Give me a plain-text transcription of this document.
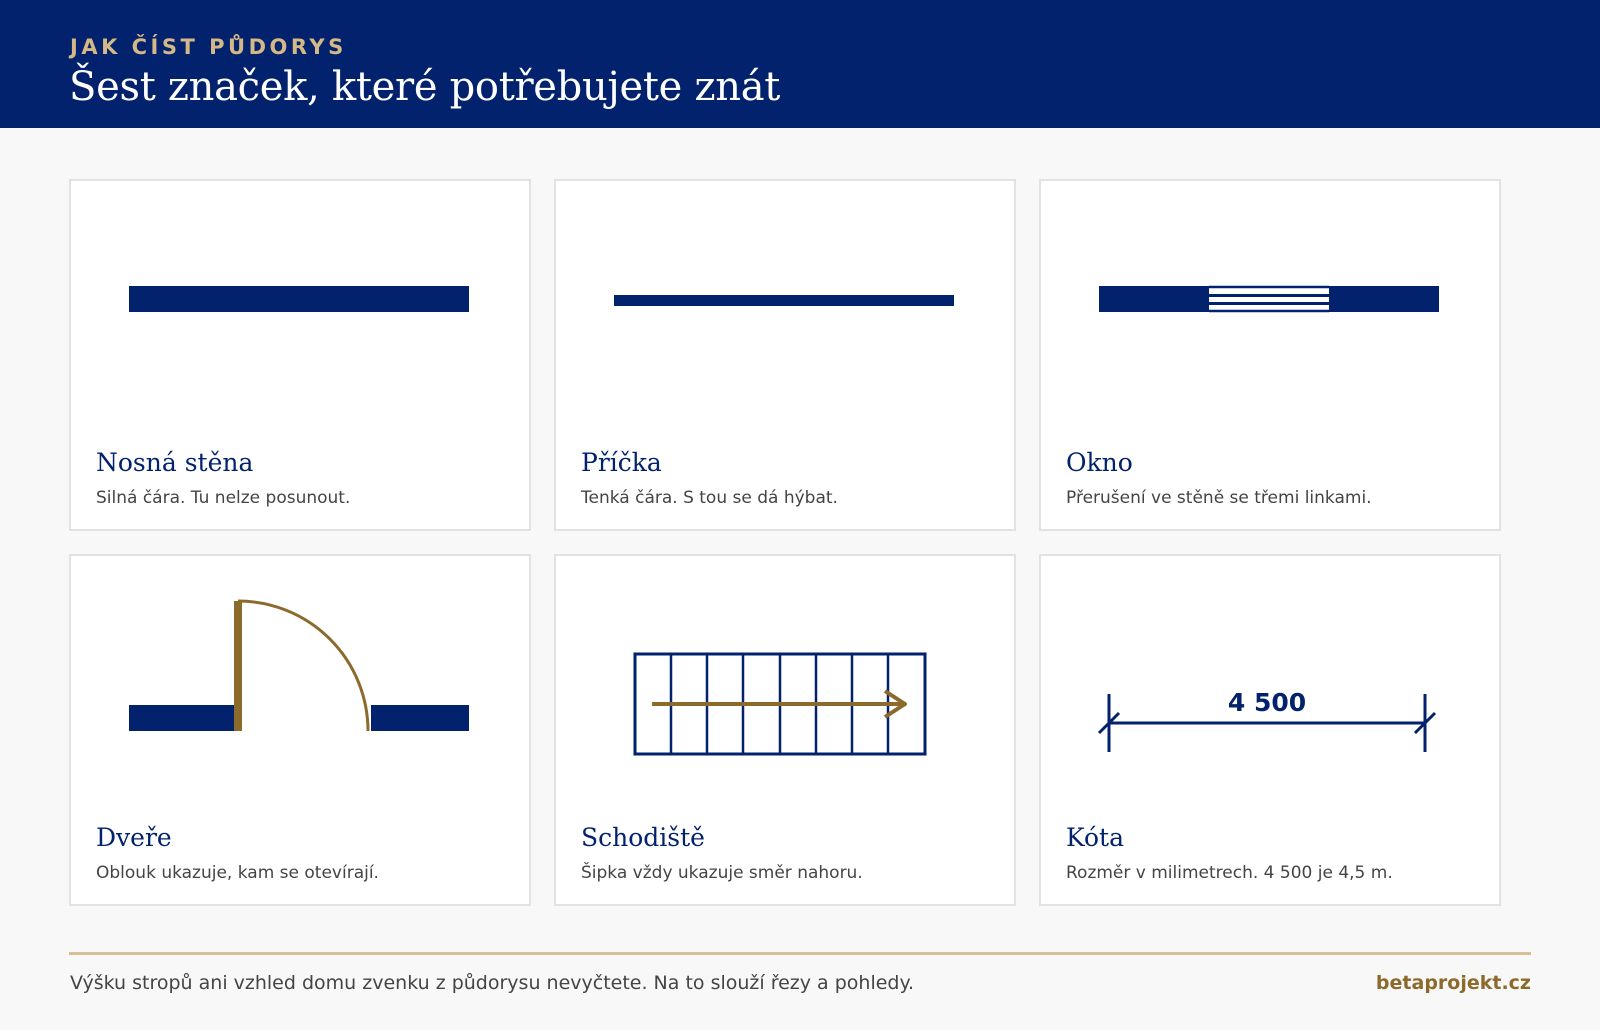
JAK ČÍST PŮDORYS
Šest značek, které potřebujete znát
Nosná stěna
Silná čára. Tu nelze posunout.
Příčka
Tenká čára. S tou se dá hýbat.
Okno
Přerušení ve stěně se třemi linkami.
Dveře
Oblouk ukazuje, kam se otevírají.
Schodiště
Šipka vždy ukazuje směr nahoru.
4 500
Kóta
Rozměr v milimetrech. 4 500 je 4,5 m.
Výšku stropů ani vzhled domu zvenku z půdorysu nevyčtete. Na to slouží řezy a pohledy.	betaprojekt.cz
